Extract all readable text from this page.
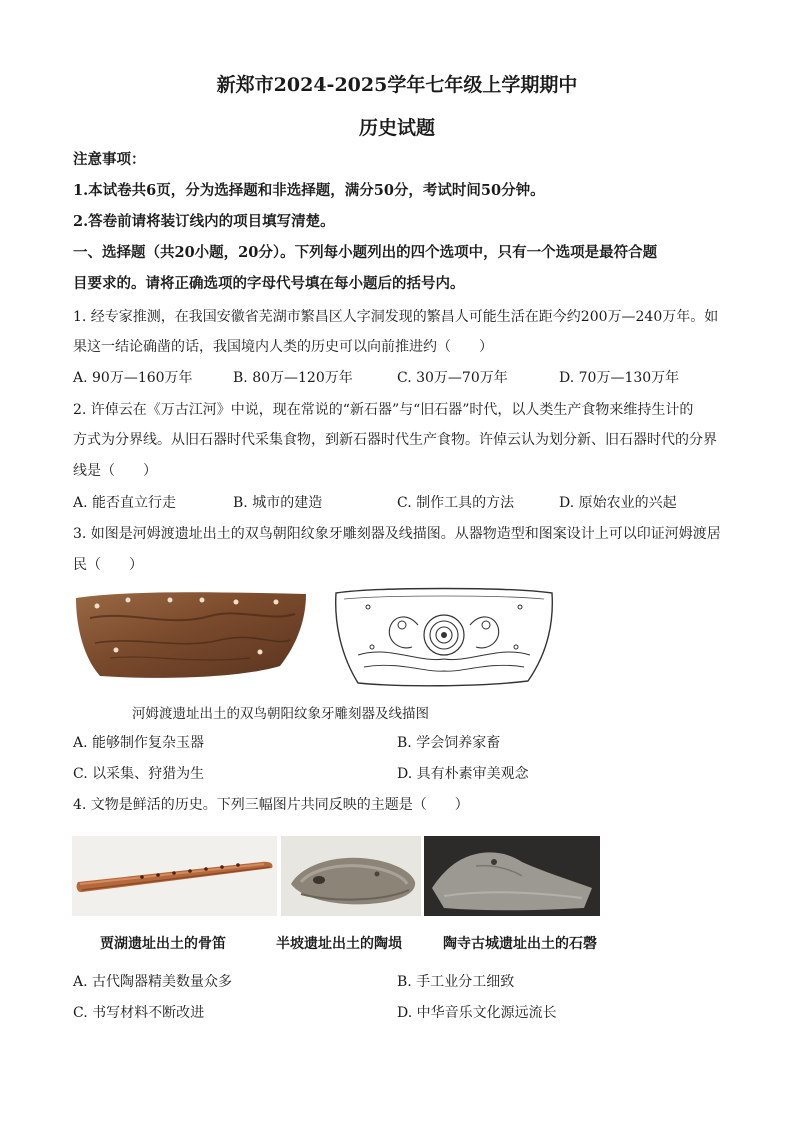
新郑市2024-2025学年七年级上学期期中
历史试题
注意事项：
1.本试卷共6页，分为选择题和非选择题，满分50分，考试时间50分钟。
2.答卷前请将装订线内的项目填写清楚。
一、选择题（共20小题，20分）。下列每小题列出的四个选项中，只有一个选项是最符合题
目要求的。请将正确选项的字母代号填在每小题后的括号内。
1. 经专家推测，在我国安徽省芜湖市繁昌区人字洞发现的繁昌人可能生活在距今约200万—240万年。如
果这一结论确凿的话，我国境内人类的历史可以向前推进约（　　）
A. 90万—160万年	B. 80万—120万年	C. 30万—70万年	D. 70万—130万年
2. 许倬云在《万古江河》中说，现在常说的“新石器”与“旧石器”时代，以人类生产食物来维持生计的
方式为分界线。从旧石器时代采集食物，到新石器时代生产食物。许倬云认为划分新、旧石器时代的分界
线是（　　）
A. 能否直立行走	B. 城市的建造	C. 制作工具的方法	D. 原始农业的兴起
3. 如图是河姆渡遗址出土的双鸟朝阳纹象牙雕刻器及线描图。从器物造型和图案设计上可以印证河姆渡居
民（　　）
河姆渡遗址出土的双鸟朝阳纹象牙雕刻器及线描图
A. 能够制作复杂玉器	B. 学会饲养家畜
C. 以采集、狩猎为生	D. 具有朴素审美观念
4. 文物是鲜活的历史。下列三幅图片共同反映的主题是（　　）
贾湖遗址出土的骨笛	半坡遗址出土的陶埙	陶寺古城遗址出土的石磬
A. 古代陶器精美数量众多	B. 手工业分工细致
C. 书写材料不断改进	D. 中华音乐文化源远流长
